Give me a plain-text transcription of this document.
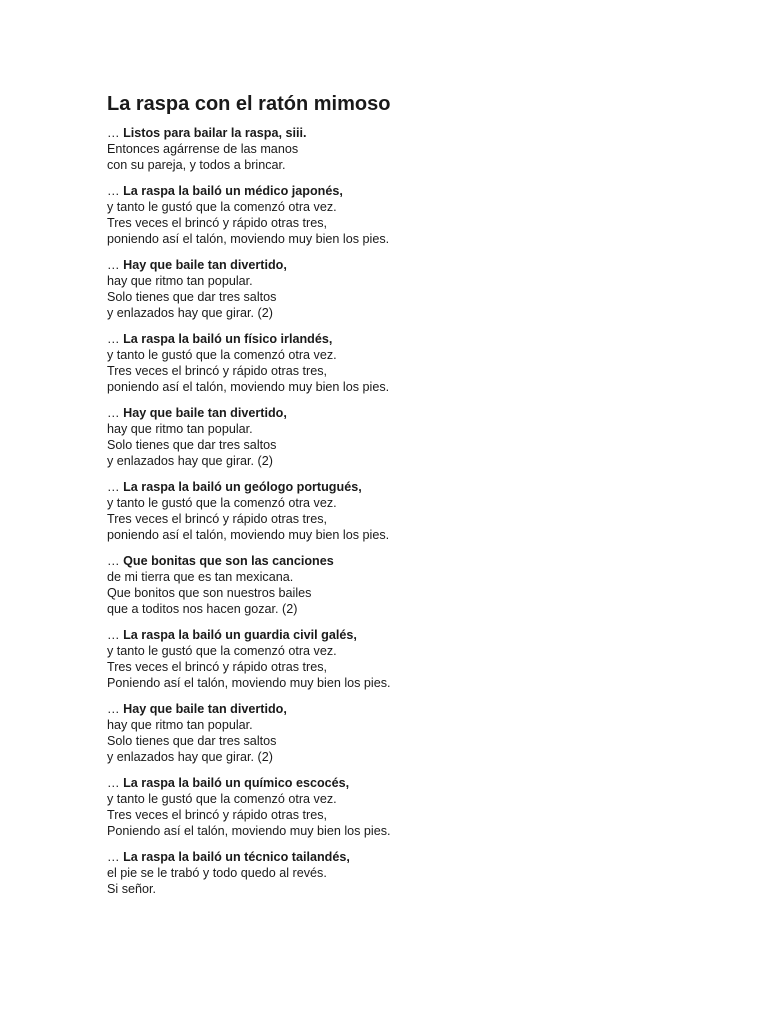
La raspa con el ratón mimoso
… Listos para bailar la raspa, siii.
Entonces agárrense de las manos
con su pareja, y todos a brincar.
… La raspa la bailó un médico japonés,
y tanto le gustó que la comenzó otra vez.
Tres veces el brincó y rápido otras tres,
poniendo así el talón, moviendo muy bien los pies.
… Hay que baile tan divertido,
hay que ritmo tan popular.
Solo tienes que dar tres saltos
y enlazados hay que girar. (2)
… La raspa la bailó un físico irlandés,
y tanto le gustó que la comenzó otra vez.
Tres veces el brincó y rápido otras tres,
poniendo así el talón, moviendo muy bien los pies.
… Hay que baile tan divertido,
hay que ritmo tan popular.
Solo tienes que dar tres saltos
y enlazados hay que girar. (2)
… La raspa la bailó un geólogo portugués,
y tanto le gustó que la comenzó otra vez.
Tres veces el brincó y rápido otras tres,
poniendo así el talón, moviendo muy bien los pies.
… Que bonitas que son las canciones
de mi tierra que es tan mexicana.
Que bonitos que son nuestros bailes
que a toditos nos hacen gozar. (2)
… La raspa la bailó un guardia civil galés,
y tanto le gustó que la comenzó otra vez.
Tres veces el brincó y rápido otras tres,
Poniendo así el talón, moviendo muy bien los pies.
… Hay que baile tan divertido,
hay que ritmo tan popular.
Solo tienes que dar tres saltos
y enlazados hay que girar. (2)
… La raspa la bailó un químico escocés,
y tanto le gustó que la comenzó otra vez.
Tres veces el brincó y rápido otras tres,
Poniendo así el talón, moviendo muy bien los pies.
… La raspa la bailó un técnico tailandés,
el pie se le trabó y todo quedo al revés.
Si señor.
